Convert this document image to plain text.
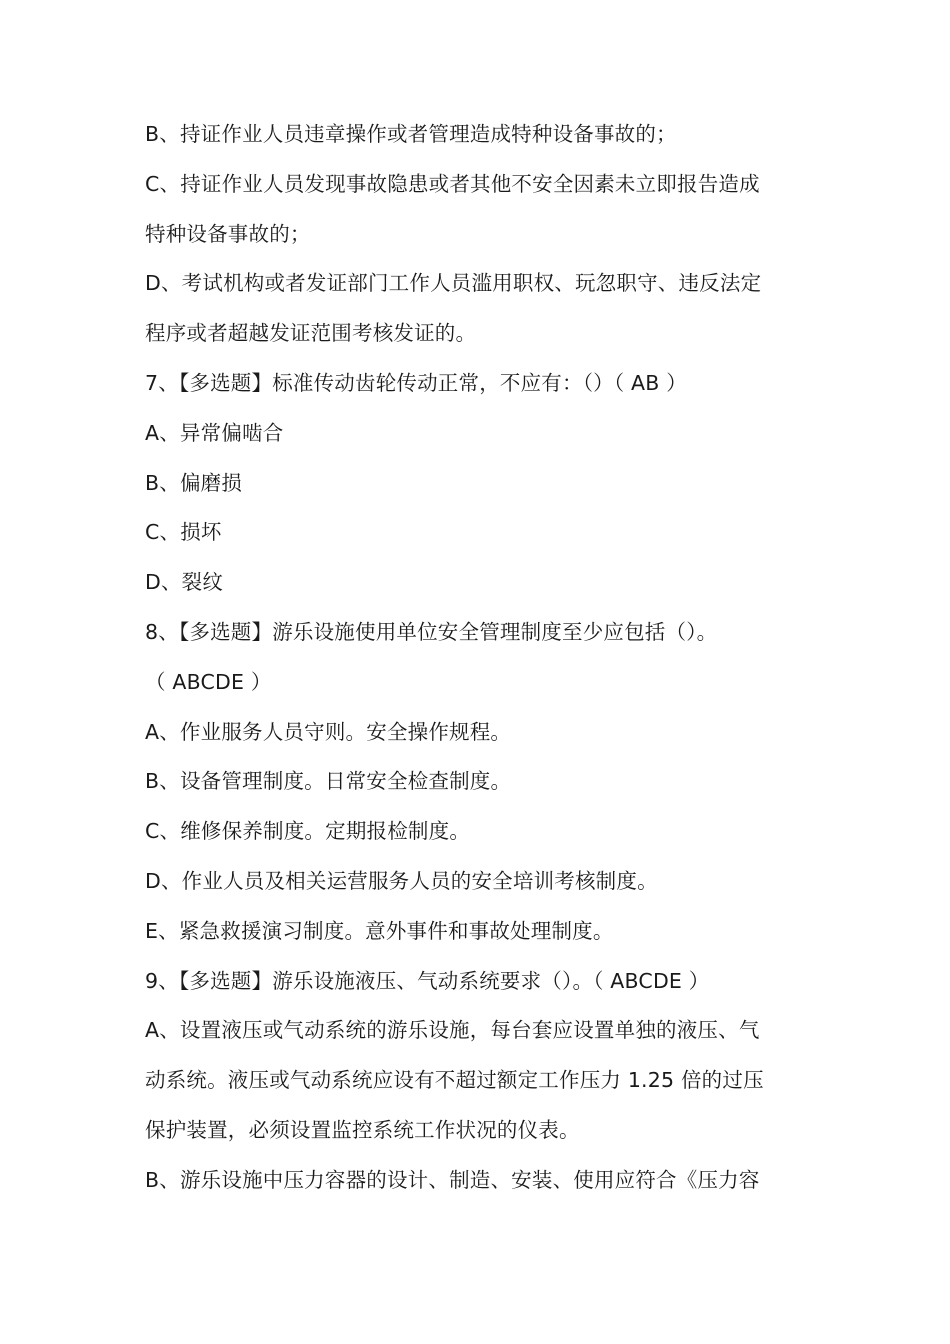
B、持证作业人员违章操作或者管理造成特种设备事故的；
C、持证作业人员发现事故隐患或者其他不安全因素未立即报告造成
特种设备事故的；
D、考试机构或者发证部门工作人员滥用职权、玩忽职守、违反法定
程序或者超越发证范围考核发证的。
7、【多选题】标准传动齿轮传动正常，不应有：（）（ AB ）
A、异常偏啮合
B、偏磨损
C、损坏
D、裂纹
8、【多选题】游乐设施使用单位安全管理制度至少应包括（）。
（ ABCDE ）
A、作业服务人员守则。安全操作规程。
B、设备管理制度。日常安全检查制度。
C、维修保养制度。定期报检制度。
D、作业人员及相关运营服务人员的安全培训考核制度。
E、紧急救援演习制度。意外事件和事故处理制度。
9、【多选题】游乐设施液压、气动系统要求（）。（ ABCDE ）
A、设置液压或气动系统的游乐设施，每台套应设置单独的液压、气
动系统。液压或气动系统应设有不超过额定工作压力 1.25 倍的过压
保护装置，必须设置监控系统工作状况的仪表。
B、游乐设施中压力容器的设计、制造、安装、使用应符合《压力容
